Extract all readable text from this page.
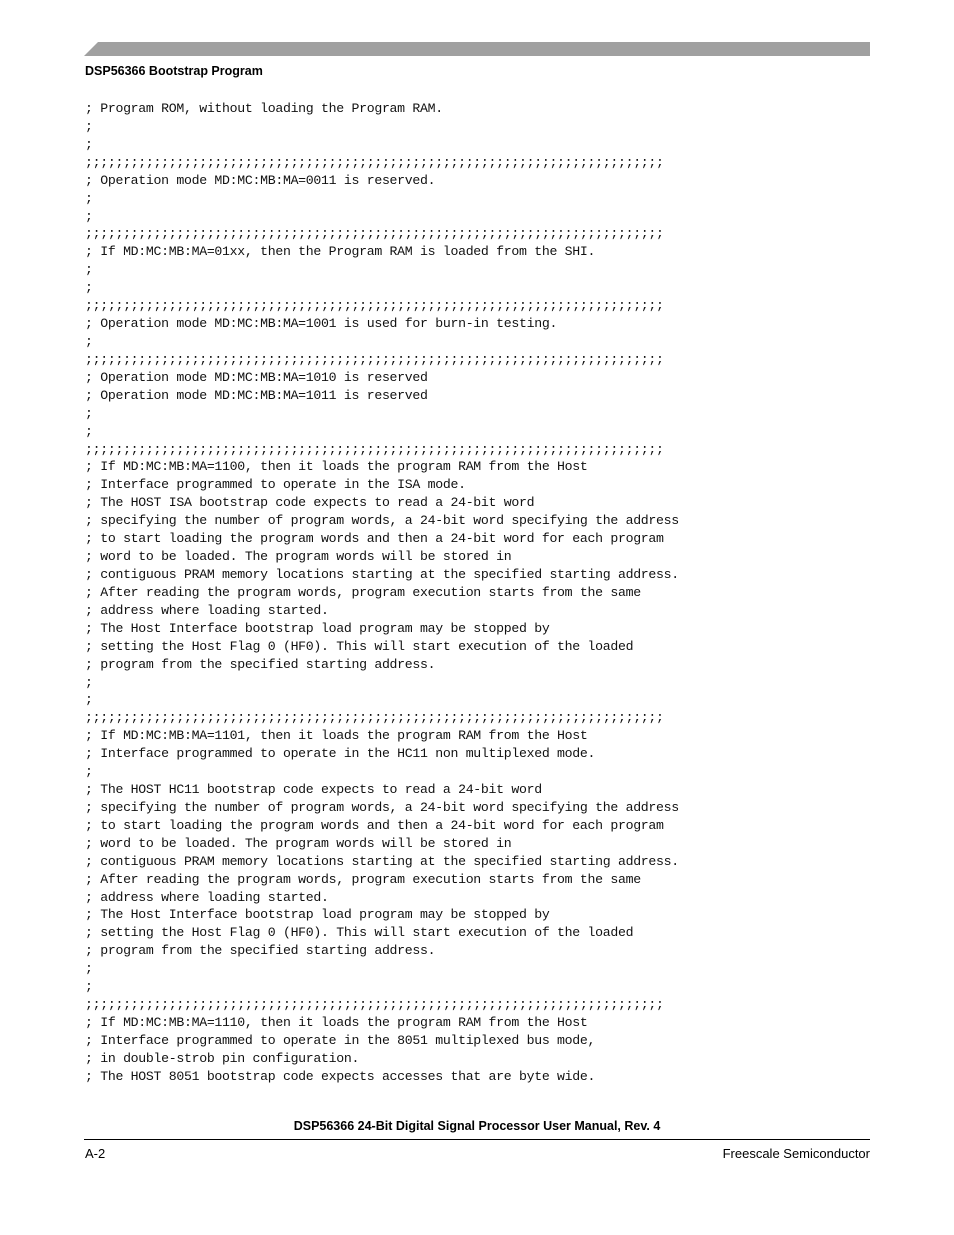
DSP56366 Bootstrap Program
; Program ROM, without loading the Program RAM.
;
;
;;;;;;;;;;;;;;;;;;;;;;;;;;;;;;;;;;;;;;;;;;;;;;;;;;;;;;;;;;;;;;;;;;;;;;;;;;;;
; Operation mode MD:MC:MB:MA=0011 is reserved.
;
;
;;;;;;;;;;;;;;;;;;;;;;;;;;;;;;;;;;;;;;;;;;;;;;;;;;;;;;;;;;;;;;;;;;;;;;;;;;;;
; If MD:MC:MB:MA=01xx, then the Program RAM is loaded from the SHI.
;
;
;;;;;;;;;;;;;;;;;;;;;;;;;;;;;;;;;;;;;;;;;;;;;;;;;;;;;;;;;;;;;;;;;;;;;;;;;;;;
; Operation mode MD:MC:MB:MA=1001 is used for burn-in testing.
;
;;;;;;;;;;;;;;;;;;;;;;;;;;;;;;;;;;;;;;;;;;;;;;;;;;;;;;;;;;;;;;;;;;;;;;;;;;;;
; Operation mode MD:MC:MB:MA=1010 is reserved
; Operation mode MD:MC:MB:MA=1011 is reserved
;
;
;;;;;;;;;;;;;;;;;;;;;;;;;;;;;;;;;;;;;;;;;;;;;;;;;;;;;;;;;;;;;;;;;;;;;;;;;;;;
; If MD:MC:MB:MA=1100, then it loads the program RAM from the Host
; Interface programmed to operate in the ISA mode.
; The HOST ISA bootstrap code expects to read a 24-bit word
; specifying the number of program words, a 24-bit word specifying the address
; to start loading the program words and then a 24-bit word for each program
; word to be loaded. The program words will be stored in
; contiguous PRAM memory locations starting at the specified starting address.
; After reading the program words, program execution starts from the same
; address where loading started.
; The Host Interface bootstrap load program may be stopped by
; setting the Host Flag 0 (HF0). This will start execution of the loaded
; program from the specified starting address.
;
;
;;;;;;;;;;;;;;;;;;;;;;;;;;;;;;;;;;;;;;;;;;;;;;;;;;;;;;;;;;;;;;;;;;;;;;;;;;;;
; If MD:MC:MB:MA=1101, then it loads the program RAM from the Host
; Interface programmed to operate in the HC11 non multiplexed mode.
;
; The HOST HC11 bootstrap code expects to read a 24-bit word
; specifying the number of program words, a 24-bit word specifying the address
; to start loading the program words and then a 24-bit word for each program
; word to be loaded. The program words will be stored in
; contiguous PRAM memory locations starting at the specified starting address.
; After reading the program words, program execution starts from the same
; address where loading started.
; The Host Interface bootstrap load program may be stopped by
; setting the Host Flag 0 (HF0). This will start execution of the loaded
; program from the specified starting address.
;
;
;;;;;;;;;;;;;;;;;;;;;;;;;;;;;;;;;;;;;;;;;;;;;;;;;;;;;;;;;;;;;;;;;;;;;;;;;;;;
; If MD:MC:MB:MA=1110, then it loads the program RAM from the Host
; Interface programmed to operate in the 8051 multiplexed bus mode,
; in double-strob pin configuration.
; The HOST 8051 bootstrap code expects accesses that are byte wide.
DSP56366 24-Bit Digital Signal Processor User Manual, Rev. 4
A-2	Freescale Semiconductor
